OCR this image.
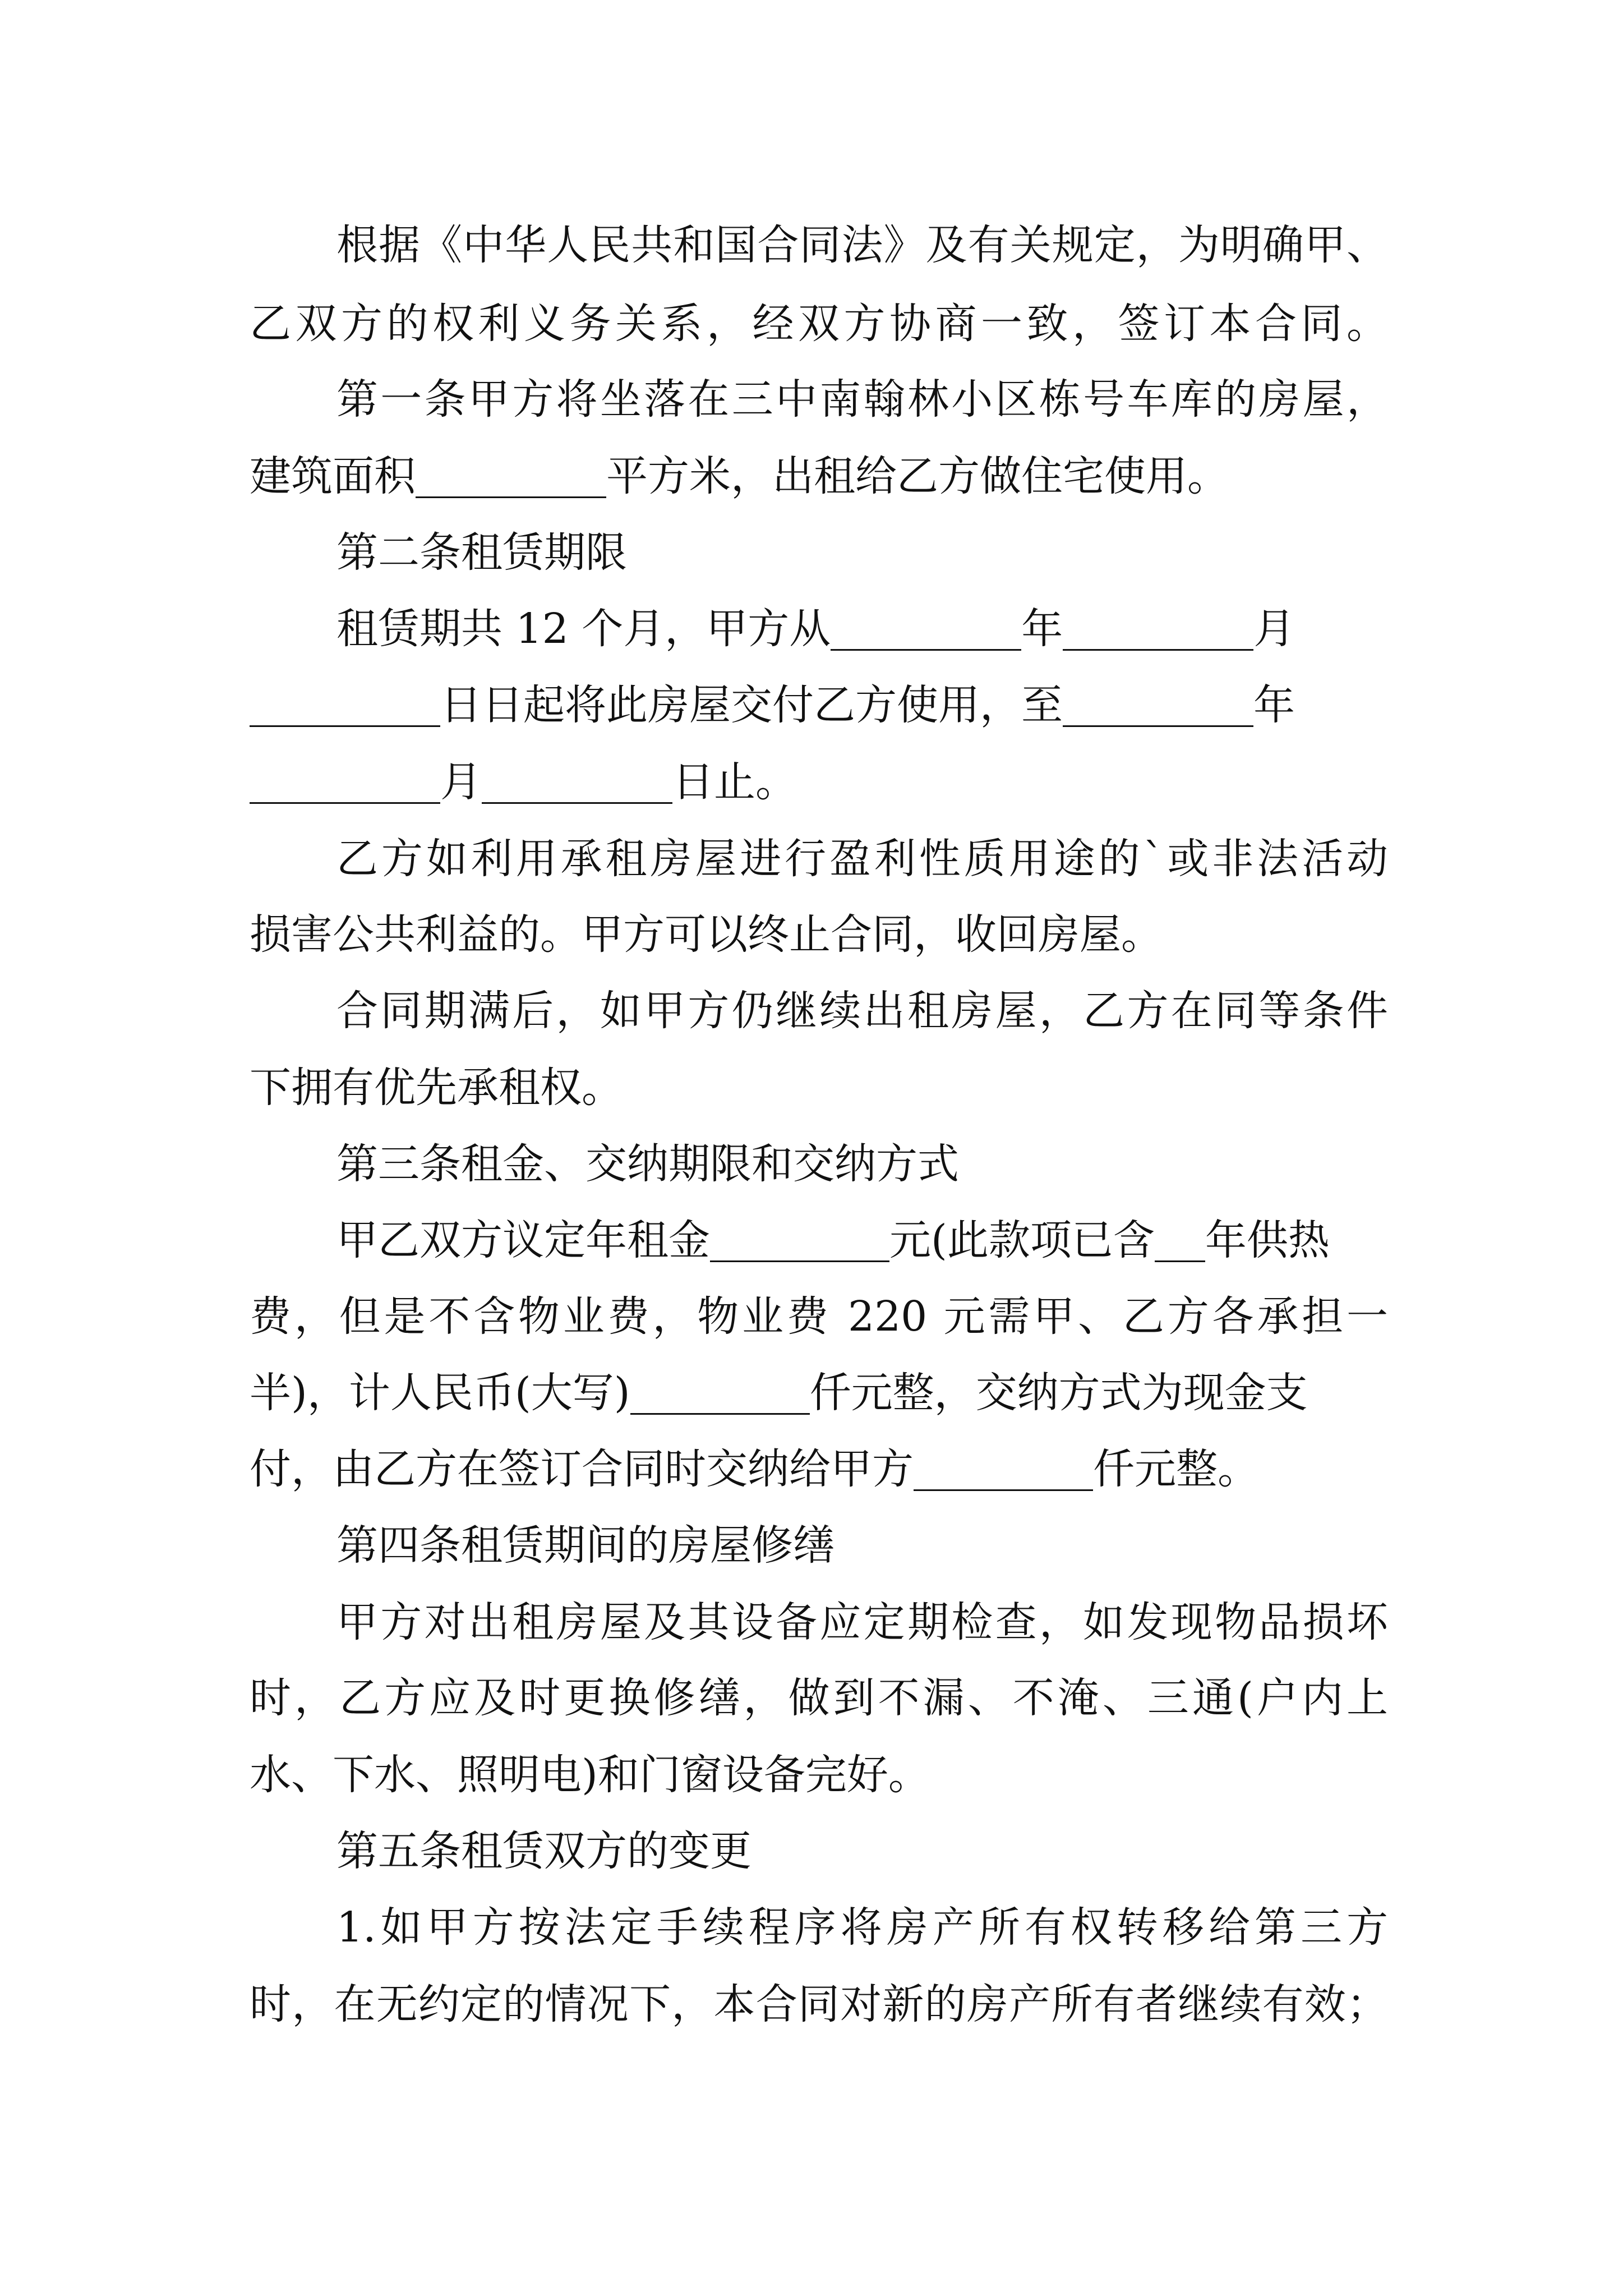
根据《中华人民共和国合同法》及有关规定，为明确甲、
乙双方的权利义务关系，经双方协商一致，签订本合同。
第一条甲方将坐落在三中南翰林小区栋号车库的房屋，
建筑面积	平方米，出租给乙方做住宅使用。
第二条租赁期限
租赁期共 12 个月，甲方从	年	月
日日起将此房屋交付乙方使用，至	年
月	日止。
乙方如利用承租房屋进行盈利性质用途的`或非法活动
损害公共利益的。甲方可以终止合同，收回房屋。
合同期满后，如甲方仍继续出租房屋，乙方在同等条件
下拥有优先承租权。
第三条租金、交纳期限和交纳方式
甲乙双方议定年租金	元(此款项已含 年供热
费，但是不含物业费，物业费 220 元需甲、乙方各承担一
半)，计人民币(大写)	仟元整，交纳方式为现金支
付，由乙方在签订合同时交纳给甲方	仟元整。
第四条租赁期间的房屋修缮
甲方对出租房屋及其设备应定期检查，如发现物品损坏
时，乙方应及时更换修缮，做到不漏、不淹、三通(户内上
水、下水、照明电)和门窗设备完好。
第五条租赁双方的变更
1.如甲方按法定手续程序将房产所有权转移给第三方
时，在无约定的情况下，本合同对新的房产所有者继续有效；
